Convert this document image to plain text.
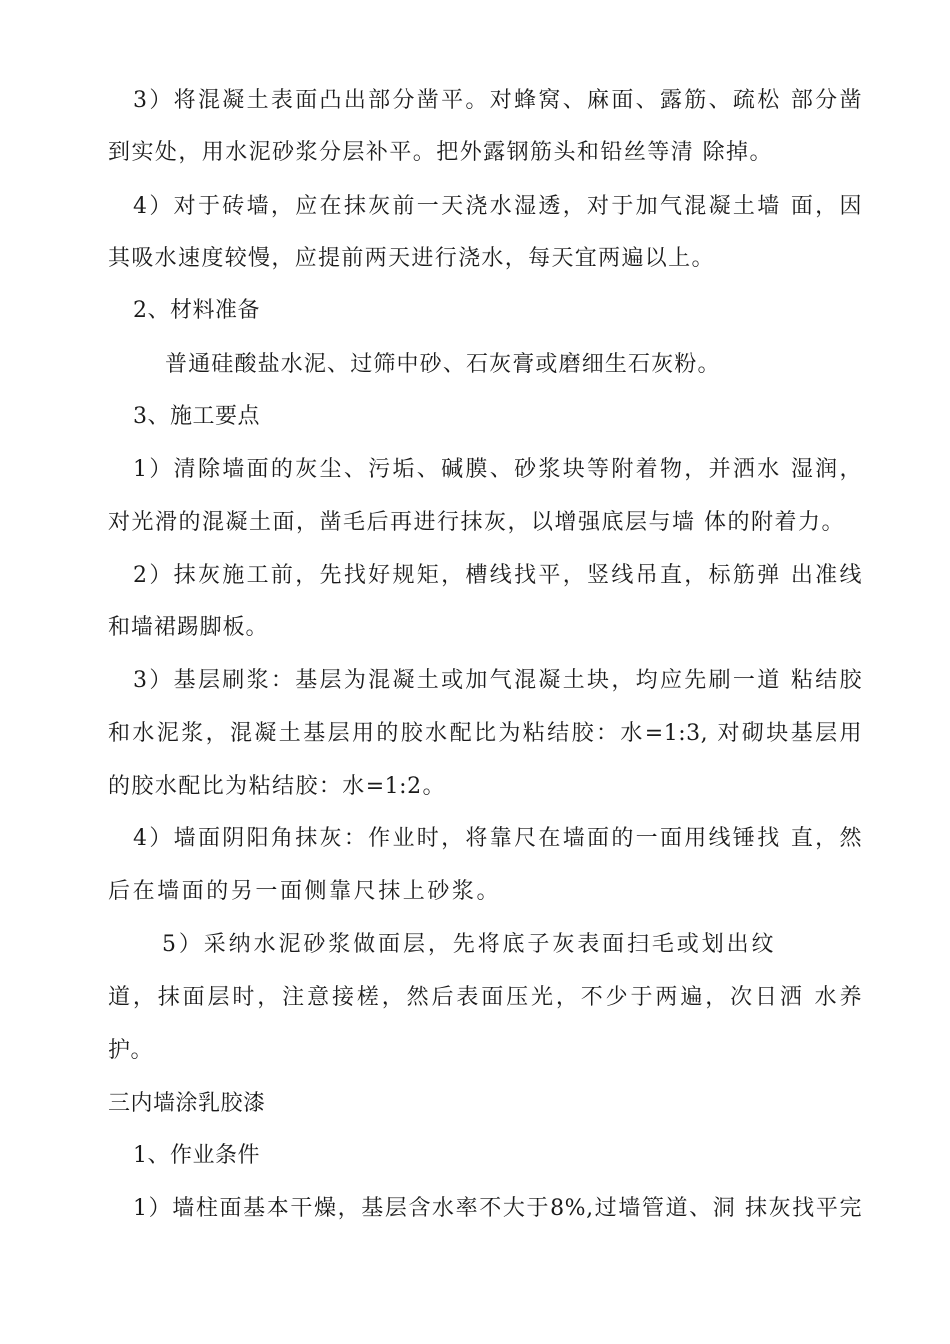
3）将混凝土表面凸出部分凿平。对蜂窝、麻面、露筋、疏松 部分凿
到实处，用水泥砂浆分层补平。把外露钢筋头和铅丝等清 除掉。
4）对于砖墙，应在抹灰前一天浇水湿透，对于加气混凝土墙 面，因
其吸水速度较慢，应提前两天进行浇水，每天宜两遍以上。
2、材料准备
普通硅酸盐水泥、过筛中砂、石灰膏或磨细生石灰粉。
3、施工要点
1）清除墙面的灰尘、污垢、碱膜、砂浆块等附着物，并洒水 湿润，
对光滑的混凝土面，凿毛后再进行抹灰，以增强底层与墙 体的附着力。
2）抹灰施工前，先找好规矩，槽线找平，竖线吊直，标筋弹 出准线
和墙裙踢脚板。
3）基层刷浆：基层为混凝土或加气混凝土块，均应先刷一道 粘结胶
和水泥浆，混凝土基层用的胶水配比为粘结胶：水=1:3, 对砌块基层用
的胶水配比为粘结胶：水=1:2。
4）墙面阴阳角抹灰：作业时，将靠尺在墙面的一面用线锤找 直，然
后在墙面的另一面侧靠尺抹上砂浆。
5）采纳水泥砂浆做面层，先将底子灰表面扫毛或划出纹
道，抹面层时，注意接槎，然后表面压光，不少于两遍，次日洒 水养
护。
三内墙涂乳胶漆
1、作业条件
1）墙柱面基本干燥，基层含水率不大于8%,过墙管道、洞 抹灰找平完
